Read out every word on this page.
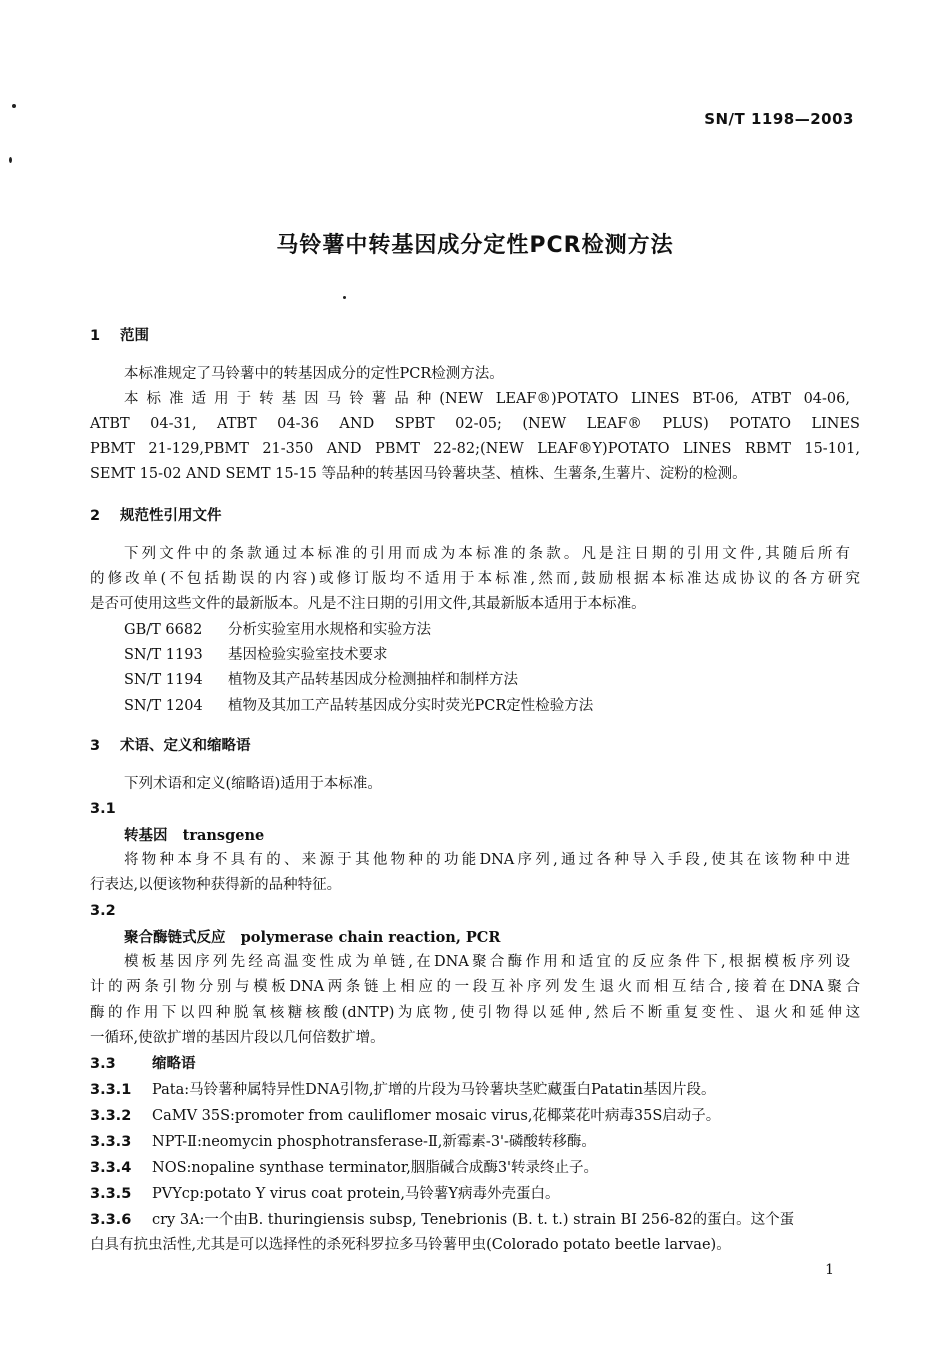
SN/T 1198—2003
马铃薯中转基因成分定性PCR检测方法
1 范围
本标准规定了马铃薯中的转基因成分的定性PCR检测方法。
本标准适用于转基因马铃薯品种(NEW LEAF®)POTATO LINES BT-06, ATBT 04-06,
ATBT 04-31, ATBT 04-36 AND SPBT 02-05; (NEW LEAF® PLUS) POTATO LINES
PBMT 21-129,PBMT 21-350 AND PBMT 22-82;(NEW LEAF®Y)POTATO LINES RBMT 15-101,
SEMT 15-02 AND SEMT 15-15 等品种的转基因马铃薯块茎、植株、生薯条,生薯片、淀粉的检测。
2 规范性引用文件
下列文件中的条款通过本标准的引用而成为本标准的条款。凡是注日期的引用文件,其随后所有
的修改单(不包括勘误的内容)或修订版均不适用于本标准,然而,鼓励根据本标准达成协议的各方研究
是否可使用这些文件的最新版本。凡是不注日期的引用文件,其最新版本适用于本标准。
GB/T 6682 分析实验室用水规格和实验方法
SN/T 1193 基因检验实验室技术要求
SN/T 1194 植物及其产品转基因成分检测抽样和制样方法
SN/T 1204 植物及其加工产品转基因成分实时荧光PCR定性检验方法
3 术语、定义和缩略语
下列术语和定义(缩略语)适用于本标准。
3.1
转基因 transgene
将物种本身不具有的、来源于其他物种的功能DNA序列,通过各种导入手段,使其在该物种中进
行表达,以便该物种获得新的品种特征。
3.2
聚合酶链式反应 polymerase chain reaction, PCR
模板基因序列先经高温变性成为单链,在DNA聚合酶作用和适宜的反应条件下,根据模板序列设
计的两条引物分别与模板DNA两条链上相应的一段互补序列发生退火而相互结合,接着在DNA聚合
酶的作用下以四种脱氧核糖核酸(dNTP)为底物,使引物得以延伸,然后不断重复变性、退火和延伸这
一循环,使欲扩增的基因片段以几何倍数扩增。
3.3	缩略语
3.3.1 Pata:马铃薯种属特异性DNA引物,扩增的片段为马铃薯块茎贮藏蛋白Patatin基因片段。
3.3.2 CaMV 35S:promoter from cauliflomer mosaic virus,花椰菜花叶病毒35S启动子。
3.3.3 NPT-Ⅱ:neomycin phosphotransferase-Ⅱ,新霉素-3'-磷酸转移酶。
3.3.4 NOS:nopaline synthase terminator,胭脂碱合成酶3'转录终止子。
3.3.5 PVYcp:potato Y virus coat protein,马铃薯Y病毒外壳蛋白。
3.3.6 cry 3A:一个由B. thuringiensis subsp, Tenebrionis (B. t. t.) strain BI 256-82的蛋白。这个蛋
白具有抗虫活性,尤其是可以选择性的杀死科罗拉多马铃薯甲虫(Colorado potato beetle larvae)。
1
